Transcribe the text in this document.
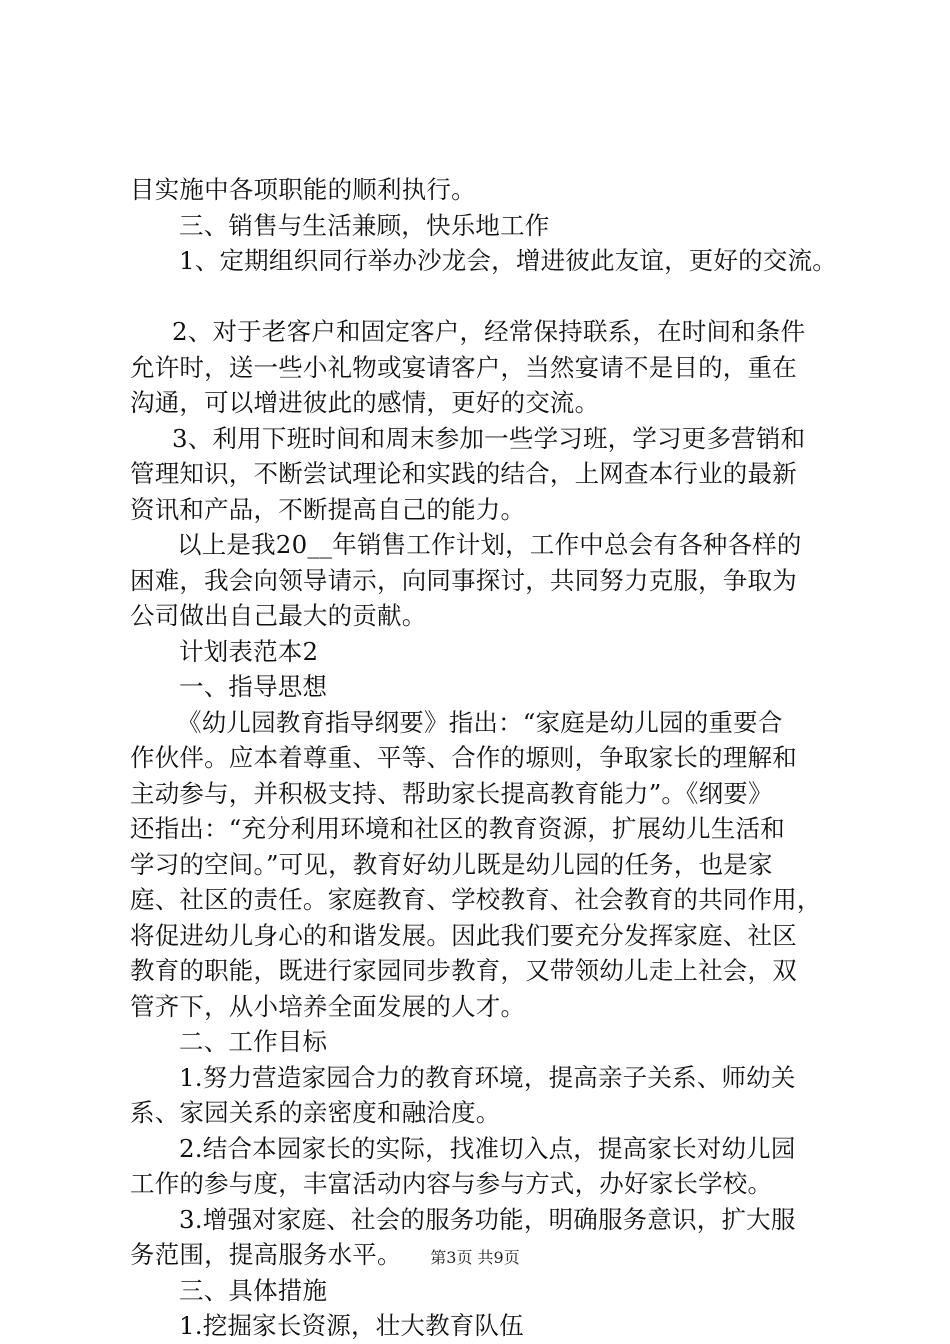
目实施中各项职能的顺利执行。

三、销售与生活兼顾，快乐地工作

1、定期组织同行举办沙龙会，增进彼此友谊，更好的交流。

2、对于老客户和固定客户，经常保持联系，在时间和条件

允许时，送一些小礼物或宴请客户，当然宴请不是目的，重在

沟通，可以增进彼此的感情，更好的交流。

3、利用下班时间和周末参加一些学习班，学习更多营销和

管理知识，不断尝试理论和实践的结合，上网查本行业的最新

资讯和产品，不断提高自己的能力。

以上是我20__年销售工作计划，工作中总会有各种各样的

困难，我会向领导请示，向同事探讨，共同努力克服，争取为

公司做出自己最大的贡献。

计划表范本2

一、指导思想

《幼儿园教育指导纲要》指出：“家庭是幼儿园的重要合

作伙伴。应本着尊重、平等、合作的塬则，争取家长的理解和

主动参与，并积极支持、帮助家长提高教育能力”。《纲要》

还指出：“充分利用环境和社区的教育资源，扩展幼儿生活和

学习的空间。”可见，教育好幼儿既是幼儿园的任务，也是家

庭、社区的责任。家庭教育、学校教育、社会教育的共同作用，

将促进幼儿身心的和谐发展。因此我们要充分发挥家庭、社区

教育的职能，既进行家园同步教育，又带领幼儿走上社会，双

管齐下，从小培养全面发展的人才。

二、工作目标

1.努力营造家园合力的教育环境，提高亲子关系、师幼关

系、家园关系的亲密度和融洽度。

2.结合本园家长的实际，找准切入点，提高家长对幼儿园

工作的参与度，丰富活动内容与参与方式，办好家长学校。

3.增强对家庭、社会的服务功能，明确服务意识，扩大服

务范围，提高服务水平。

三、具体措施

1.挖掘家长资源，壮大教育队伍

第3页 共9页
